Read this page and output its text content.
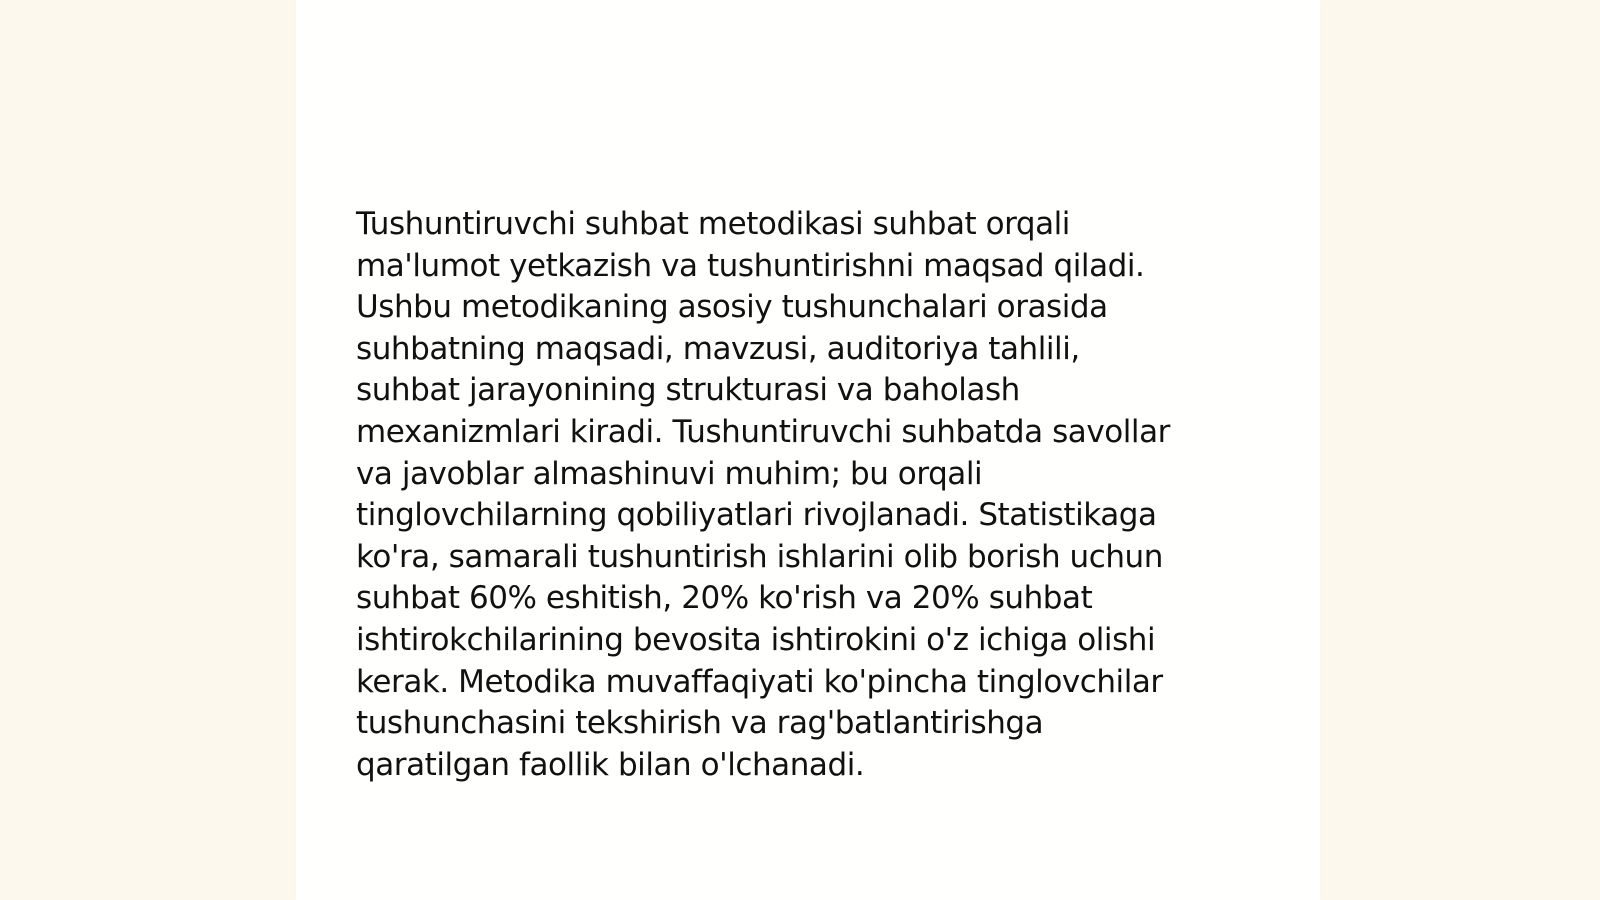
Tushuntiruvchi suhbat metodikasi suhbat orqali
ma'lumot yetkazish va tushuntirishni maqsad qiladi.
Ushbu metodikaning asosiy tushunchalari orasida
suhbatning maqsadi, mavzusi, auditoriya tahlili,
suhbat jarayonining strukturasi va baholash
mexanizmlari kiradi. Tushuntiruvchi suhbatda savollar
va javoblar almashinuvi muhim; bu orqali
tinglovchilarning qobiliyatlari rivojlanadi. Statistikaga
ko'ra, samarali tushuntirish ishlarini olib borish uchun
suhbat 60% eshitish, 20% ko'rish va 20% suhbat
ishtirokchilarining bevosita ishtirokini o'z ichiga olishi
kerak. Metodika muvaffaqiyati ko'pincha tinglovchilar
tushunchasini tekshirish va rag'batlantirishga
qaratilgan faollik bilan o'lchanadi.
